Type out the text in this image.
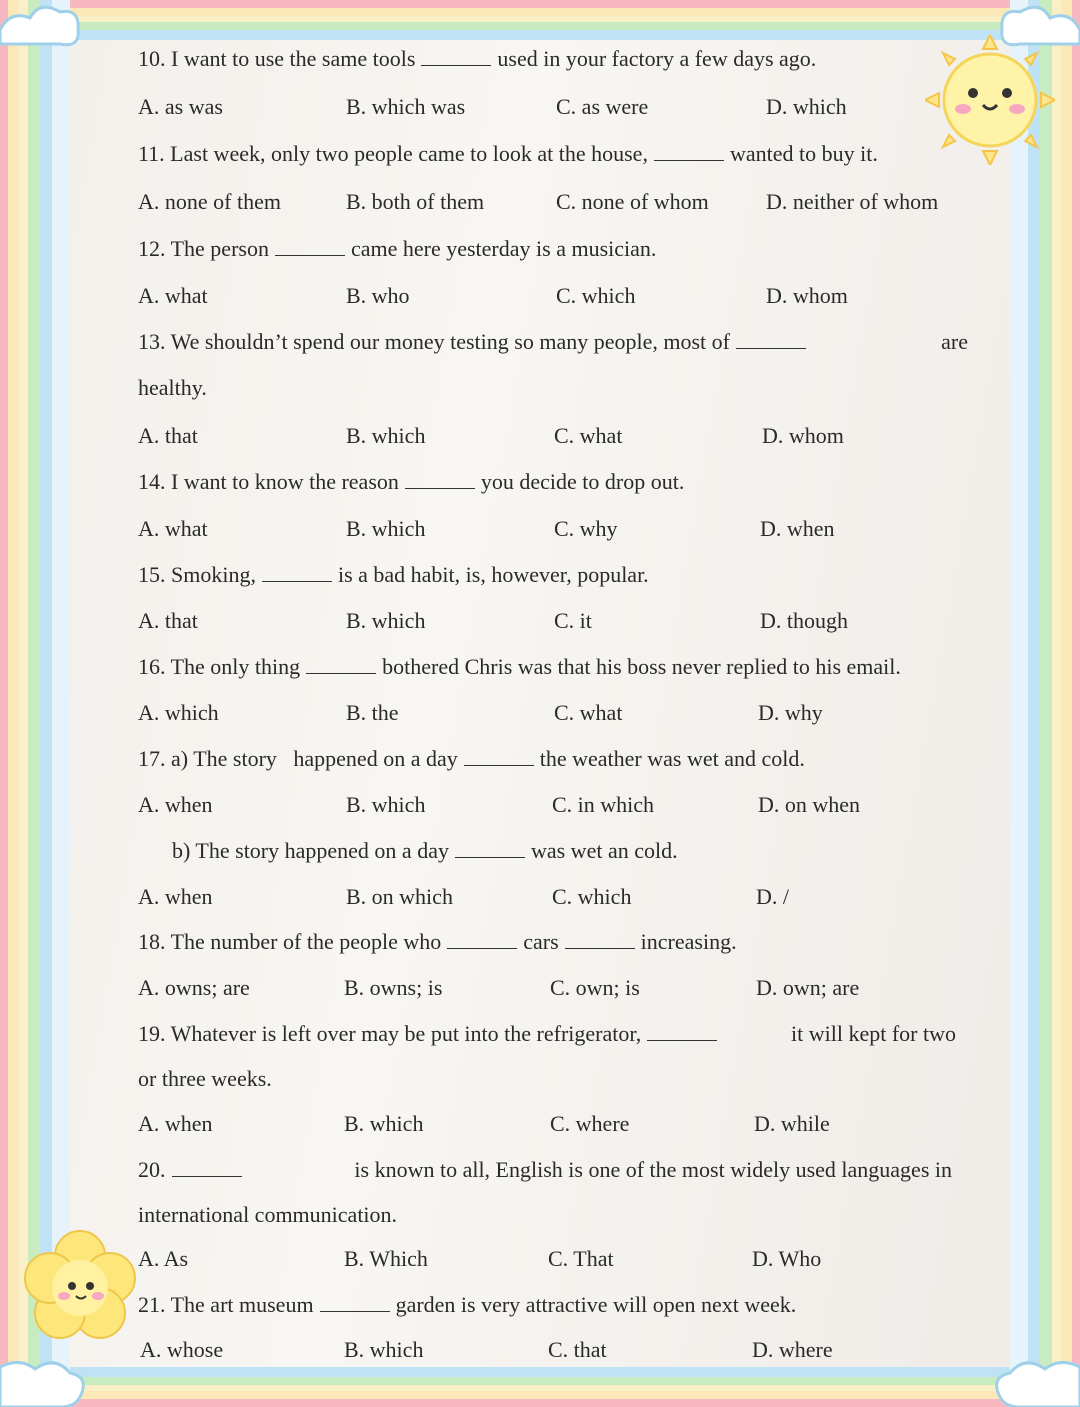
10. I want to use the same tools	used in your factory a few days ago.
A. as was	B. which was	C. as were	D. which
11. Last week, only two people came to look at the house,	wanted to buy it.
A. none of them	B. both of them	C. none of whom	D. neither of whom
12. The person	came here yesterday is a musician.
A. what	B. who	C. which	D. whom
13. We shouldn’t spend our money testing so many people, most of	are
healthy.
A. that	B. which	C. what	D. whom
14. I want to know the reason	you decide to drop out.
A. what	B. which	C. why	D. when
15. Smoking,	is a bad habit, is, however, popular.
A. that	B. which	C. it	D. though
16. The only thing	bothered Chris was that his boss never replied to his email.
A. which	B. the	C. what	D. why
17. a) The story   happened on a day	the weather was wet and cold.
A. when	B. which	C. in which	D. on when
b) The story happened on a day	was wet an cold.
A. when	B. on which	C. which	D. /
18. The number of the people who	cars	increasing.
A. owns; are	B. owns; is	C. own; is	D. own; are
19. Whatever is left over may be put into the refrigerator,	it will kept for two
or three weeks.
A. when	B. which	C. where	D. while
20.	is known to all, English is one of the most widely used languages in
international communication.
A. As	B. Which	C. That	D. Who
21. The art museum	garden is very attractive will open next week.
A. whose	B. which	C. that	D. where
